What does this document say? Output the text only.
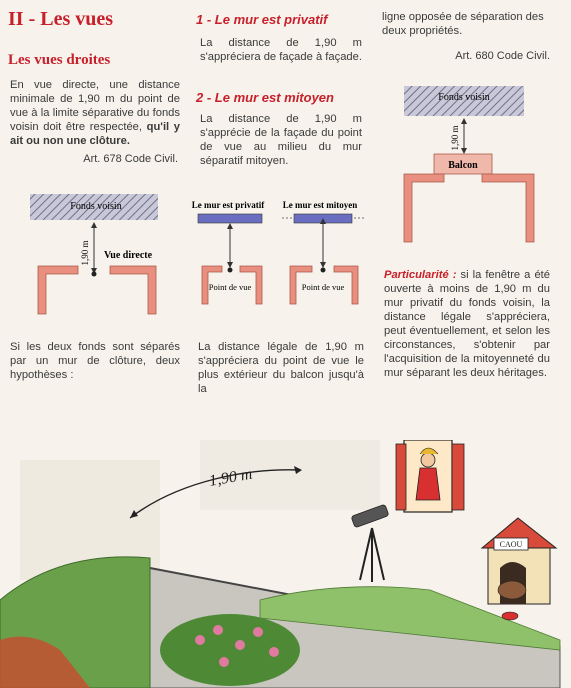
II - Les vues
Les vues droites
En vue directe, une distance minimale de 1,90 m du point de vue à la limite séparative du fonds voisin doit être respectée, qu'il y ait ou non une clôture.
Art. 678 Code Civil.
Fonds voisin
1,90 m Vue directe
Si les deux fonds sont séparés par un mur de clôture, deux hypothèses :
1 - Le mur est privatif
La distance de 1,90 m s'appréciera de façade à façade.
2 - Le mur est mitoyen
La distance de 1,90 m s'apprécie de la façade du point de vue au milieu du mur séparatif mitoyen.
Le mur est privatif
Point de vue
Le mur est mitoyen
Point de vue
La distance légale de 1,90 m s'appréciera du point de vue le plus extérieur du balcon jusqu'à la
ligne opposée de séparation des deux propriétés.
Art. 680 Code Civil.
Fonds voisin
1,90 m
Balcon
Particularité : si la fenêtre a été ouverte à moins de 1,90 m du mur privatif du fonds voisin, la distance légale s'appréciera, peut éventuellement, et selon les circonstances, s'obtenir par l'acquisition de la mitoyenneté du mur séparant les deux héritages.
1,90 m
CAOU
